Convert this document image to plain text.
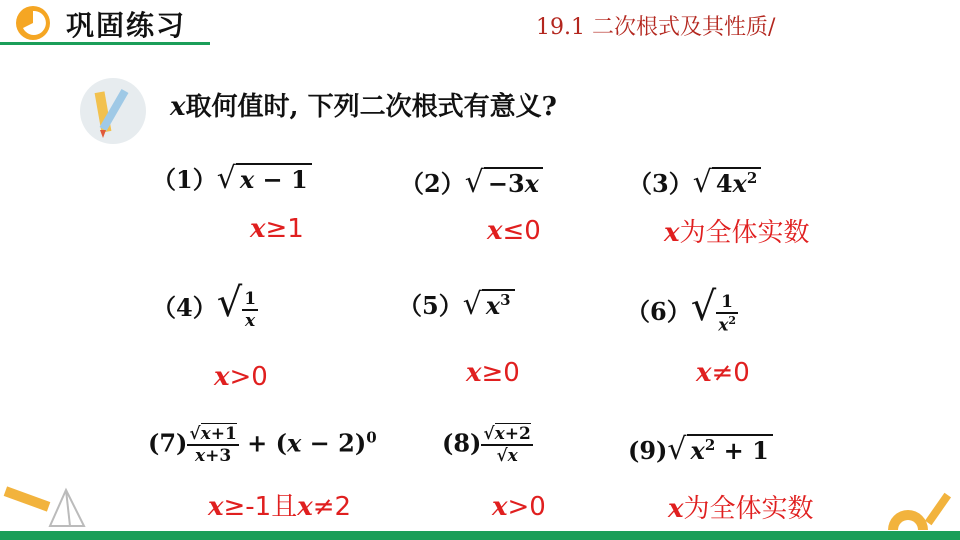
巩固练习	19.1 二次根式及其性质/
x取何值时, 下列二次根式有意义?
（1）√ x − 1
x≥1
（2）√ −3x
x≤0
（3）√ $4x^2$
x为全体实数
$(4)√ \frac{1}{x}$
x>0
（5）√ $x^3$
x≥0
$(6)√ \frac{1}{x^2}$
x≠0
$(7) \frac{√x+1}{x+3} + (x - 2)^0$
x≥-1且x≠2
$(8) \frac{√x+2}{√x}$
x>0
(9)√ $x^2 + 1$
x为全体实数
